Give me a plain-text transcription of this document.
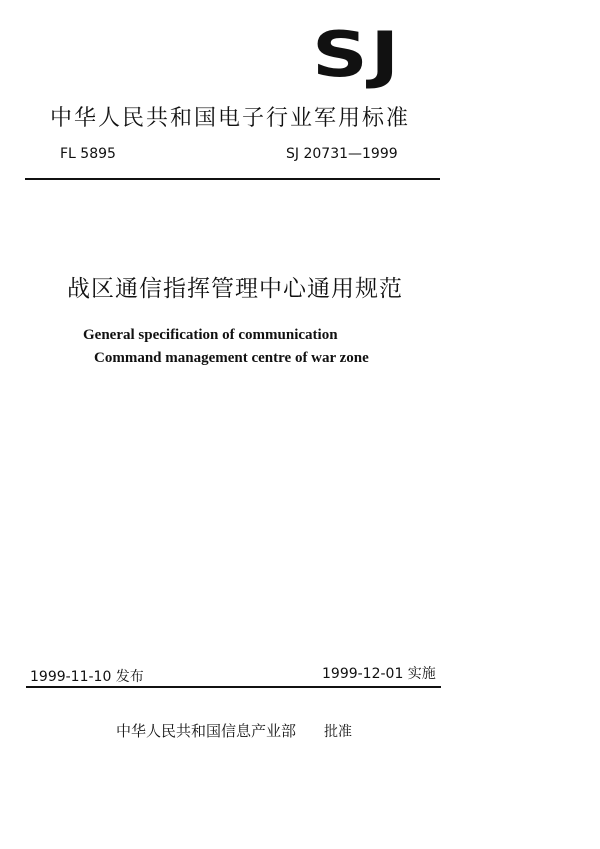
SJ
中华人民共和国电子行业军用标准
FL 5895	SJ 20731—1999
战区通信指挥管理中心通用规范
General specification of communication
Command management centre of war zone
1999-11-10 发布	1999-12-01 实施
中华人民共和国信息产业部 批准
